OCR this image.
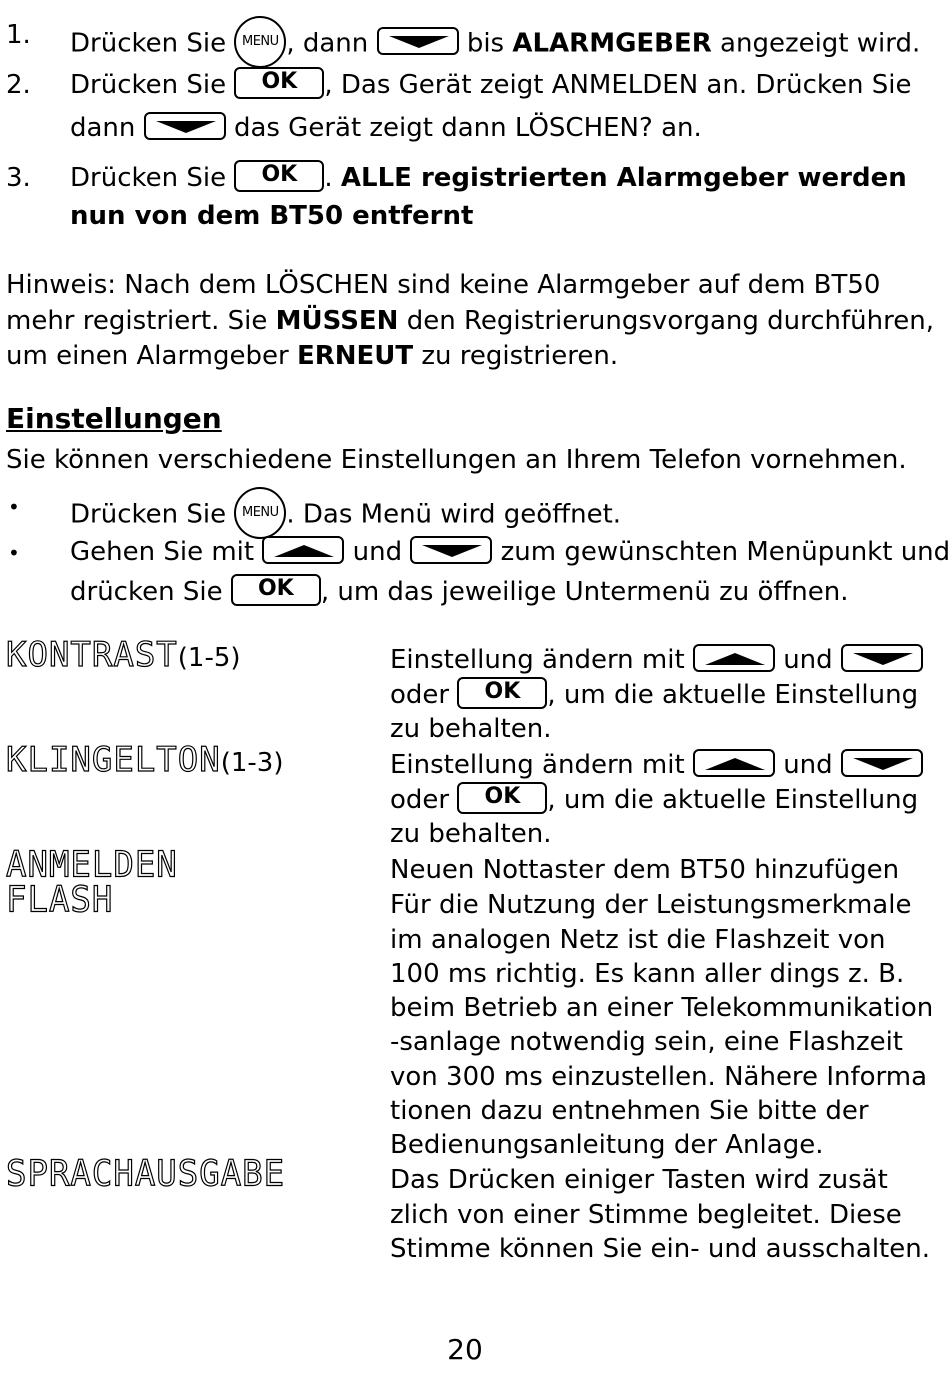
1. Drücken Sie MENU , dann	bis ALARMGEBER angezeigt wird.
2. Drücken Sie OK , Das Gerät zeigt ANMELDEN an. Drücken Sie
dann	das Gerät zeigt dann LÖSCHEN? an.
3. Drücken Sie OK . ALLE registrierten Alarmgeber werden
nun von dem BT50 entfernt
Hinweis: Nach dem LÖSCHEN sind keine Alarmgeber auf dem BT50
mehr registriert. Sie MÜSSEN den Registrierungsvorgang durchführen,
um einen Alarmgeber ERNEUT zu registrieren.
Einstellungen
Sie können verschiedene Einstellungen an Ihrem Telefon vornehmen.
• Drücken Sie MENU . Das Menü wird geöffnet.
• Gehen Sie mit	und	zum gewünschten Menüpunkt und
drücken Sie OK , um das jeweilige Untermenü zu öffnen.
KONTRAST(1-5)	Einstellung ändern mit	und
oder OK , um die aktuelle Einstellung
zu behalten.
KLINGELTON(1-3)	Einstellung ändern mit	und
oder OK , um die aktuelle Einstellung
zu behalten.
ANMELDEN	Neuen Nottaster dem BT50 hinzufügen
FLASH	Für die Nutzung der Leistungsmerkmale
im analogen Netz ist die Flashzeit von
100 ms richtig. Es kann aller dings z. B.
beim Betrieb an einer Telekommunikation
-sanlage notwendig sein, eine Flashzeit
von 300 ms einzustellen. Nähere Informa
tionen dazu entnehmen Sie bitte der
Bedienungsanleitung der Anlage.
SPRACHAUSGABE	Das Drücken einiger Tasten wird zusät
zlich von einer Stimme begleitet. Diese
Stimme können Sie ein- und ausschalten.
20
